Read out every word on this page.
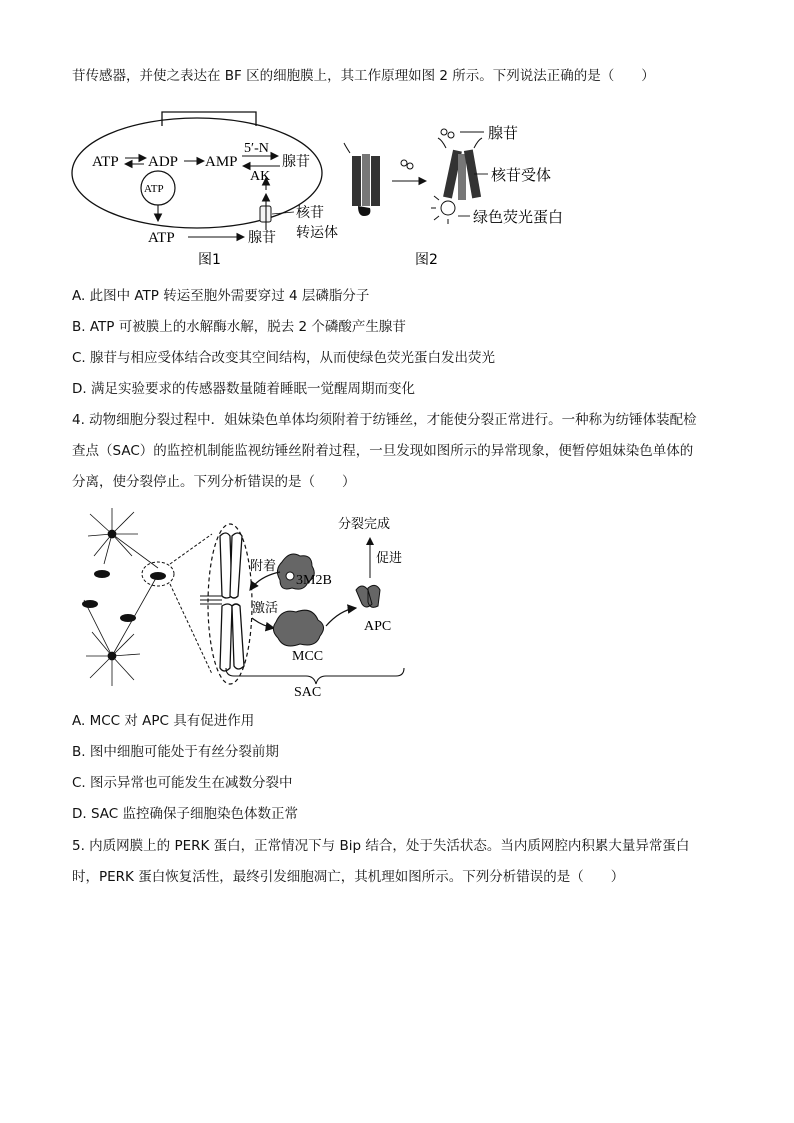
苷传感器，并使之表达在 BF 区的细胞膜上，其工作原理如图 2 所示。下列说法正确的是（　　）
ATP ADP AMP
5′-N
AK
腺苷
ATP
ATP	腺苷
核苷
转运体
腺苷
核苷受体
绿色荧光蛋白
图1	图2
A. 此图中 ATP 转运至胞外需要穿过 4 层磷脂分子
B. ATP 可被膜上的水解酶水解，脱去 2 个磷酸产生腺苷
C. 腺苷与相应受体结合改变其空间结构，从而使绿色荧光蛋白发出荧光
D. 满足实验要求的传感器数量随着睡眠一觉醒周期而变化
4. 动物细胞分裂过程中．姐妹染色单体均须附着于纺锤丝，才能使分裂正常进行。一种称为纺锤体装配检
查点（SAC）的监控机制能监视纺锤丝附着过程，一旦发现如图所示的异常现象，便暂停姐妹染色单体的
分离，使分裂停止。下列分析错误的是（　　）
3M2B
附着
激活
MCC
APC
促进
分裂完成
SAC
A. MCC 对 APC 具有促进作用
B. 图中细胞可能处于有丝分裂前期
C. 图示异常也可能发生在减数分裂中
D. SAC 监控确保子细胞染色体数正常
5. 内质网膜上的 PERK 蛋白，正常情况下与 Bip 结合，处于失活状态。当内质网腔内积累大量异常蛋白
时，PERK 蛋白恢复活性，最终引发细胞凋亡，其机理如图所示。下列分析错误的是（　　）
